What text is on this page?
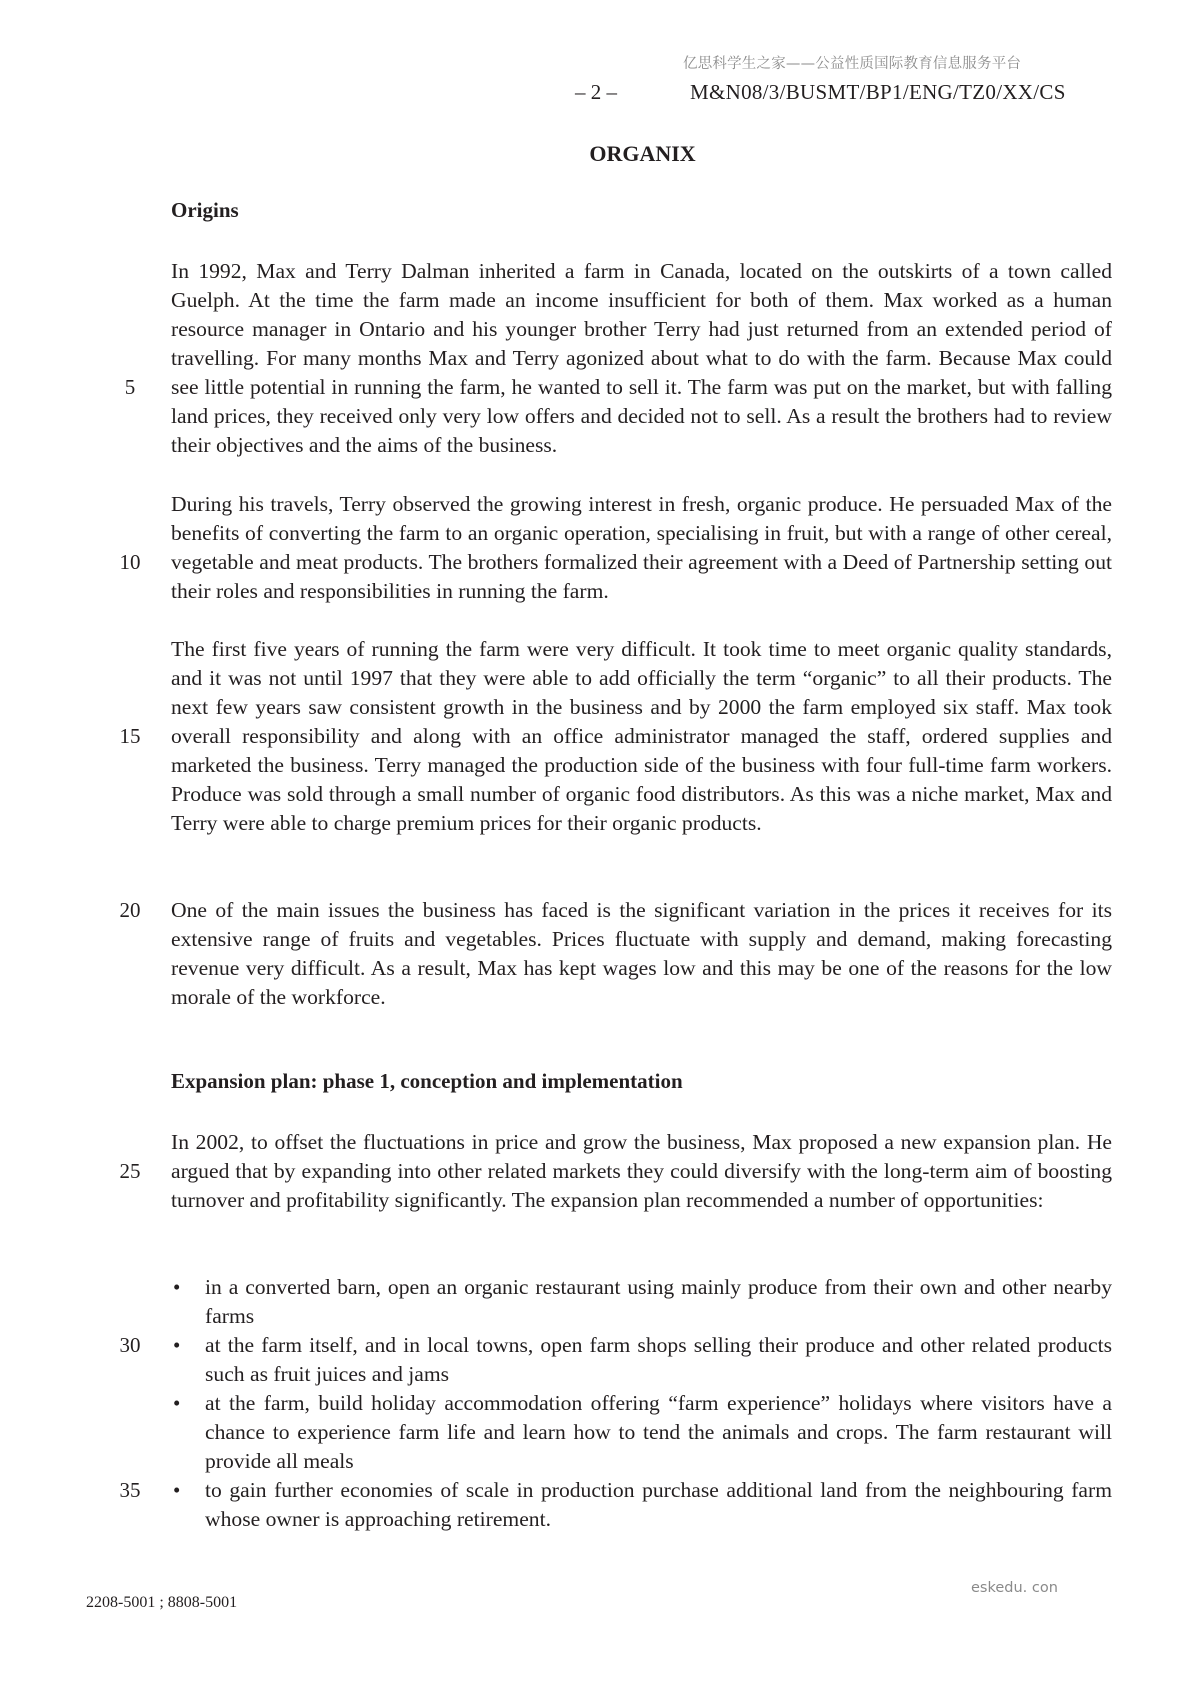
亿思科学生之家——公益性质国际教育信息服务平台
– 2 –	M&N08/3/BUSMT/BP1/ENG/TZ0/XX/CS
ORGANIX
Origins

In 1992, Max and Terry Dalman inherited a farm in Canada, located on the outskirts of a town called Guelph. At the time the farm made an income insufficient for both of them. Max worked as a human resource manager in Ontario and his younger brother Terry had just returned from an extended period of travelling. For many months Max and Terry agonized about what to do with the farm. Because Max could see little potential in running the farm, he wanted to sell it. The farm was put on the market, but with falling land prices, they received only very low offers and decided not to sell. As a result the brothers had to review their objectives and the aims of the business.

During his travels, Terry observed the growing interest in fresh, organic produce. He persuaded Max of the benefits of converting the farm to an organic operation, specialising in fruit, but with a range of other cereal, vegetable and meat products. The brothers formalized their agreement with a Deed of Partnership setting out their roles and responsibilities in running the farm.

The first five years of running the farm were very difficult. It took time to meet organic quality standards, and it was not until 1997 that they were able to add officially the term “organic” to all their products. The next few years saw consistent growth in the business and by 2000 the farm employed six staff. Max took overall responsibility and along with an office administrator managed the staff, ordered supplies and marketed the business. Terry managed the production side of the business with four full-time farm workers. Produce was sold through a small number of organic food distributors. As this was a niche market, Max and Terry were able to charge premium prices for their organic products.

One of the main issues the business has faced is the significant variation in the prices it receives for its extensive range of fruits and vegetables. Prices fluctuate with supply and demand, making forecasting revenue very difficult. As a result, Max has kept wages low and this may be one of the reasons for the low morale of the workforce.

Expansion plan: phase 1, conception and implementation

In 2002, to offset the fluctuations in price and grow the business, Max proposed a new expansion plan. He argued that by expanding into other related markets they could diversify with the long-term aim of boosting turnover and profitability significantly. The expansion plan recommended a number of opportunities:

• in a converted barn, open an organic restaurant using mainly produce from their own and other nearby farms
• at the farm itself, and in local towns, open farm shops selling their produce and other related products such as fruit juices and jams
• at the farm, build holiday accommodation offering “farm experience” holidays where visitors have a chance to experience farm life and learn how to tend the animals and crops. The farm restaurant will provide all meals
• to gain further economies of scale in production purchase additional land from the neighbouring farm whose owner is approaching retirement.
5
10
15
20
25
30
35
2208-5001 ; 8808-5001
eskedu. con
